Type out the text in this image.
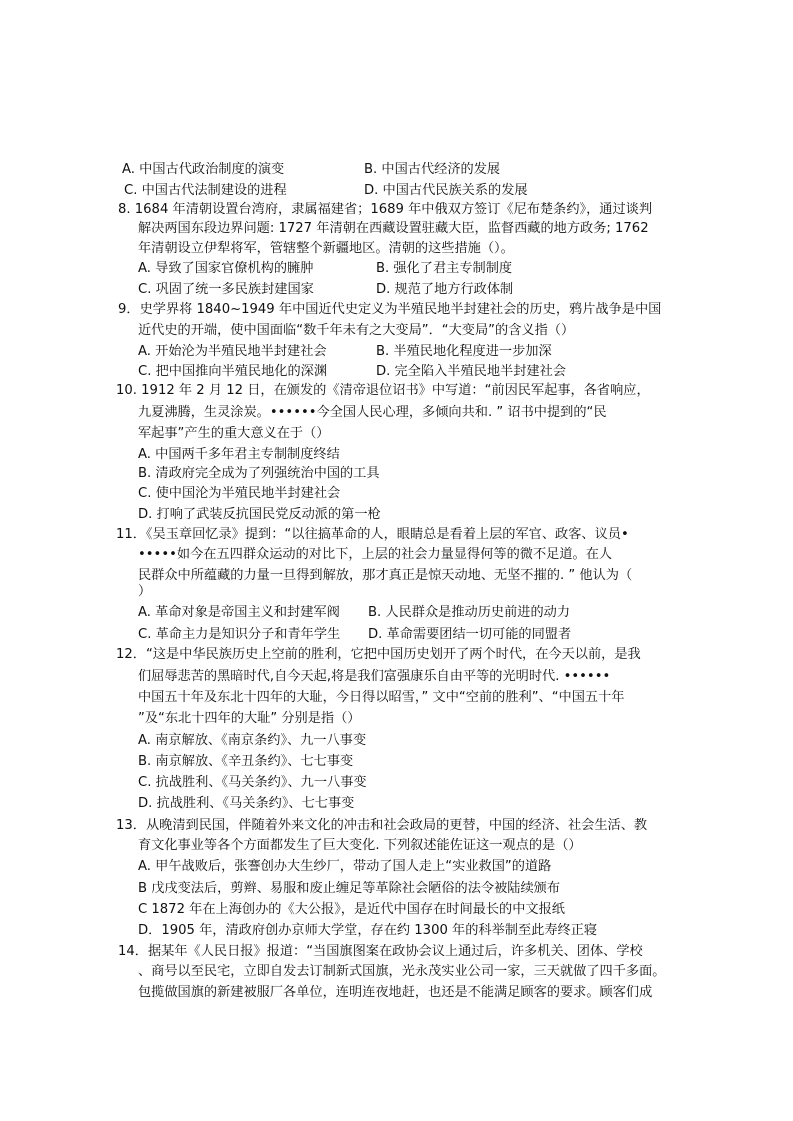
A. 中国古代政治制度的演变	B. 中国古代经济的发展
C. 中国古代法制建设的进程	D. 中国古代民族关系的发展
8. 1684 年清朝设置台湾府，隶属福建省；1689 年中俄双方签订《尼布楚条约》，通过谈判
解决两国东段边界问题: 1727 年清朝在西藏设置驻藏大臣，监督西藏的地方政务; 1762
年清朝设立伊犁将军，管辖整个新疆地区。清朝的这些措施（）。
A. 导致了国家官僚机构的臃肿	B. 强化了君主专制制度
C. 巩固了统一多民族封建国家	D. 规范了地方行政体制
9．史学界将 1840~1949 年中国近代史定义为半殖民地半封建社会的历史，鸦片战争是中国
近代史的开端，使中国面临“数千年未有之大变局”．“大变局”的含义指（）
A. 开始沦为半殖民地半封建社会	B. 半殖民地化程度进一步加深
C. 把中国推向半殖民地化的深渊	D. 完全陷入半殖民地半封建社会
10. 1912 年 2 月 12 日，在颁发的《清帝退位诏书》中写道：“前因民军起事，各省响应，
九夏沸腾，生灵涂炭。••••••今全国人民心理，多倾向共和. ” 诏书中提到的“民
军起事”产生的重大意义在于（）
A. 中国两千多年君主专制制度终结
B. 清政府完全成为了列强统治中国的工具
C. 使中国沦为半殖民地半封建社会
D. 打响了武装反抗国民党反动派的第一枪
11．《吴玉章回忆录》提到：“以往搞革命的人，眼睛总是看着上层的军官、政客、议员•
•••••如今在五四群众运动的对比下，上层的社会力量显得何等的微不足道。在人
民群众中所蕴藏的力量一旦得到解放，那才真正是惊天动地、无坚不摧的. ” 他认为（
）
A. 革命对象是帝国主义和封建军阀 B. 人民群众是推动历史前进的动力
C. 革命主力是知识分子和青年学生 D. 革命需要团结一切可能的同盟者
12．“这是中华民族历史上空前的胜利，它把中国历史划开了两个时代，在今天以前，是我
们屈辱悲苦的黑暗时代,自今天起,将是我们富强康乐自由平等的光明时代. ••••••
中国五十年及东北十四年的大耻，今日得以昭雪，” 文中“空前的胜利”、“中国五十年
”及“东北十四年的大耻” 分别是指（）
A. 南京解放、《南京条约》、九一八事变
B. 南京解放、《辛丑条约》、七七事变
C. 抗战胜利、《马关条约》、九一八事变
D. 抗战胜利、《马关条约》、七七事变
13．从晚清到民国，伴随着外来文化的冲击和社会政局的更替，中国的经济、社会生活、教
育文化事业等各个方面都发生了巨大变化. 下列叙述能佐证这一观点的是（）
A. 甲午战败后，张謇创办大生纱厂，带动了国人走上“实业救国”的道路
B 戊戌变法后，剪辫、易服和废止缠足等革除社会陋俗的法令被陆续颁布
C 1872 年在上海创办的《大公报》，是近代中国存在时间最长的中文报纸
D．1905 年，清政府创办京师大学堂，存在约 1300 年的科举制至此寿终正寝
14．据某年《人民日报》报道：“当国旗图案在政协会议上通过后，许多机关、团体、学校
、商号以至民宅，立即自发去订制新式国旗，光永茂实业公司一家，三天就做了四千多面。
包揽做国旗的新建被服厂各单位，连明连夜地赶，也还是不能满足顾客的要求。顾客们成
